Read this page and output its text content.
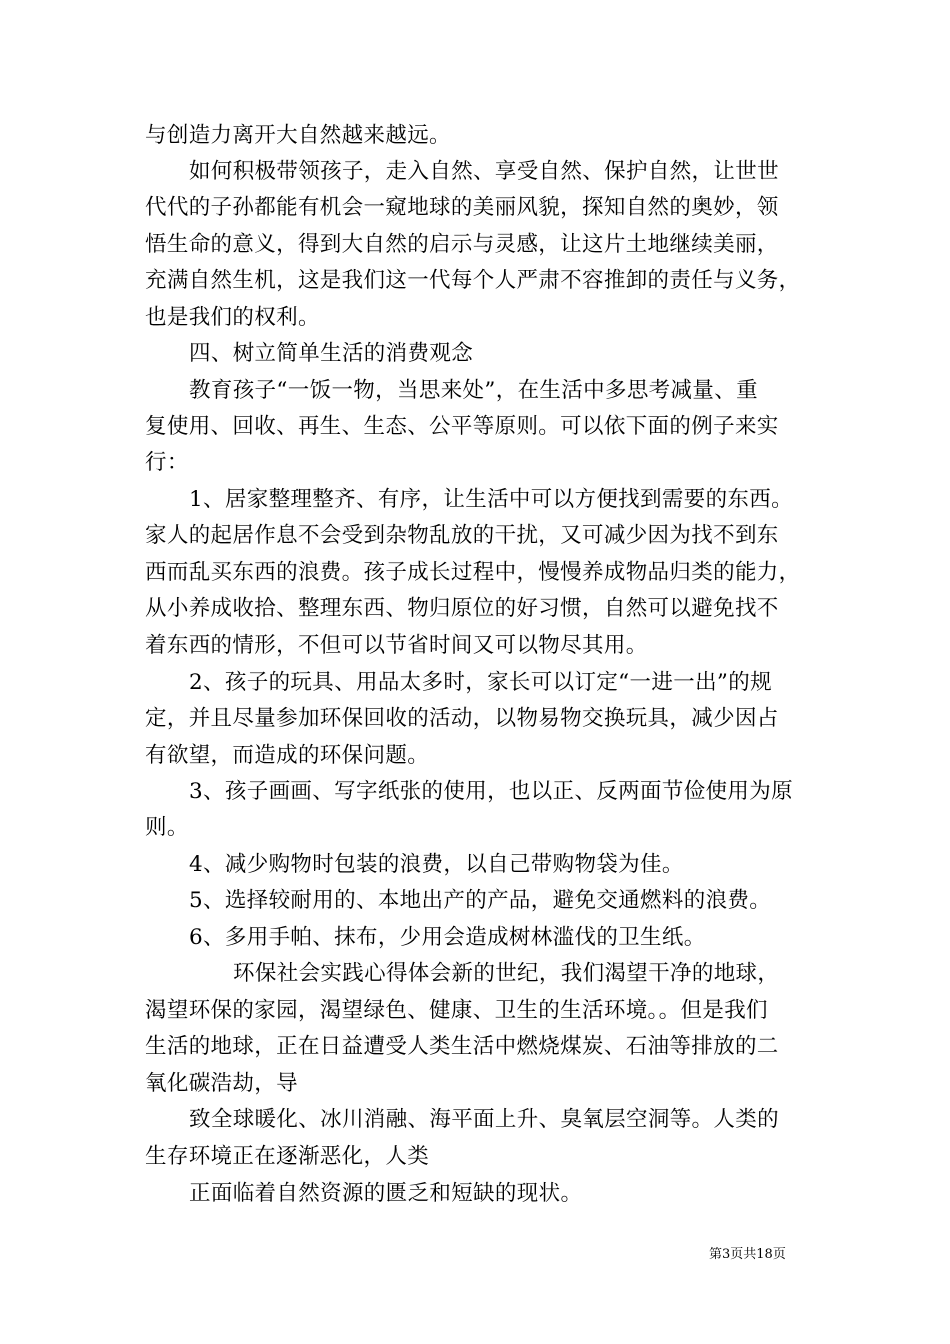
与创造力离开大自然越来越远。
如何积极带领孩子，走入自然、享受自然、保护自然，让世世
代代的子孙都能有机会一窥地球的美丽风貌，探知自然的奥妙，领
悟生命的意义，得到大自然的启示与灵感，让这片土地继续美丽，
充满自然生机，这是我们这一代每个人严肃不容推卸的责任与义务，
也是我们的权利。
四、树立简单生活的消费观念
教育孩子“一饭一物，当思来处”，在生活中多思考减量、重
复使用、回收、再生、生态、公平等原则。可以依下面的例子来实
行：
1、居家整理整齐、有序，让生活中可以方便找到需要的东西。
家人的起居作息不会受到杂物乱放的干扰，又可减少因为找不到东
西而乱买东西的浪费。孩子成长过程中，慢慢养成物品归类的能力，
从小养成收拾、整理东西、物归原位的好习惯，自然可以避免找不
着东西的情形，不但可以节省时间又可以物尽其用。
2、孩子的玩具、用品太多时，家长可以订定“一进一出”的规
定，并且尽量参加环保回收的活动，以物易物交换玩具，减少因占
有欲望，而造成的环保问题。
3、孩子画画、写字纸张的使用，也以正、反两面节俭使用为原
则。
4、减少购物时包装的浪费，以自己带购物袋为佳。
5、选择较耐用的、本地出产的产品，避免交通燃料的浪费。
6、多用手帕、抹布，少用会造成树林滥伐的卫生纸。
环保社会实践心得体会新的世纪，我们渴望干净的地球，
渴望环保的家园，渴望绿色、健康、卫生的生活环境。。但是我们
生活的地球，正在日益遭受人类生活中燃烧煤炭、石油等排放的二
氧化碳浩劫，导
致全球暖化、冰川消融、海平面上升、臭氧层空洞等。人类的
生存环境正在逐渐恶化，人类
正面临着自然资源的匮乏和短缺的现状。
第3页共18页
